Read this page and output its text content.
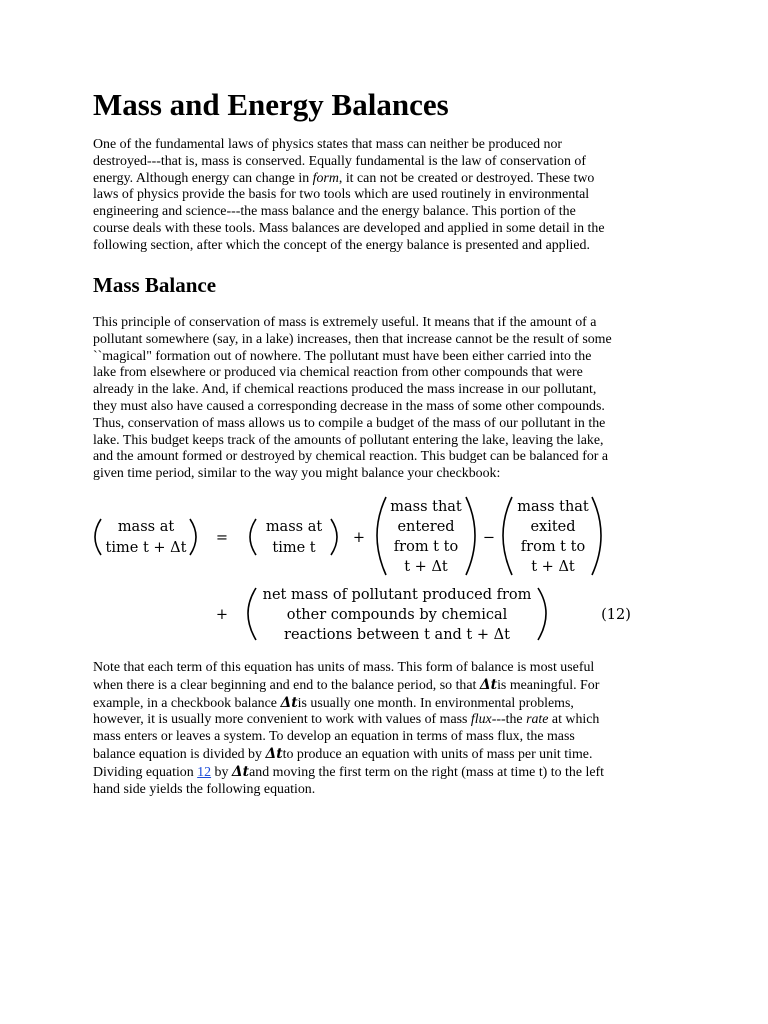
Mass and Energy Balances

One of the fundamental laws of physics states that mass can neither be produced nor
destroyed---that is, mass is conserved. Equally fundamental is the law of conservation of
energy. Although energy can change in form, it can not be created or destroyed. These two
laws of physics provide the basis for two tools which are used routinely in environmental
engineering and science---the mass balance and the energy balance. This portion of the
course deals with these tools. Mass balances are developed and applied in some detail in the
following section, after which the concept of the energy balance is presented and applied.

Mass Balance

This principle of conservation of mass is extremely useful. It means that if the amount of a
pollutant somewhere (say, in a lake) increases, then that increase cannot be the result of some
``magical" formation out of nowhere. The pollutant must have been either carried into the
lake from elsewhere or produced via chemical reaction from other compounds that were
already in the lake. And, if chemical reactions produced the mass increase in our pollutant,
they must also have caused a corresponding decrease in the mass of some other compounds.
Thus, conservation of mass allows us to compile a budget of the mass of our pollutant in the
lake. This budget keeps track of the amounts of pollutant entering the lake, leaving the lake,
and the amount formed or destroyed by chemical reaction. This budget can be balanced for a
given time period, similar to the way you might balance your checkbook:

mass at
time t + Δt
=
mass at
time t
+
mass that
entered
from t to
t + Δt
−
mass that
exited
from t to
t + Δt
+
net mass of pollutant produced from
other compounds by chemical
reactions between t and t + Δt
(12)

Note that each term of this equation has units of mass. This form of balance is most useful
when there is a clear beginning and end to the balance period, so that Δtis meaningful. For
example, in a checkbook balance Δtis usually one month. In environmental problems,
however, it is usually more convenient to work with values of mass flux---the rate at which
mass enters or leaves a system. To develop an equation in terms of mass flux, the mass
balance equation is divided by Δtto produce an equation with units of mass per unit time.
Dividing equation 12 by Δtand moving the first term on the right (mass at time t) to the left
hand side yields the following equation.
